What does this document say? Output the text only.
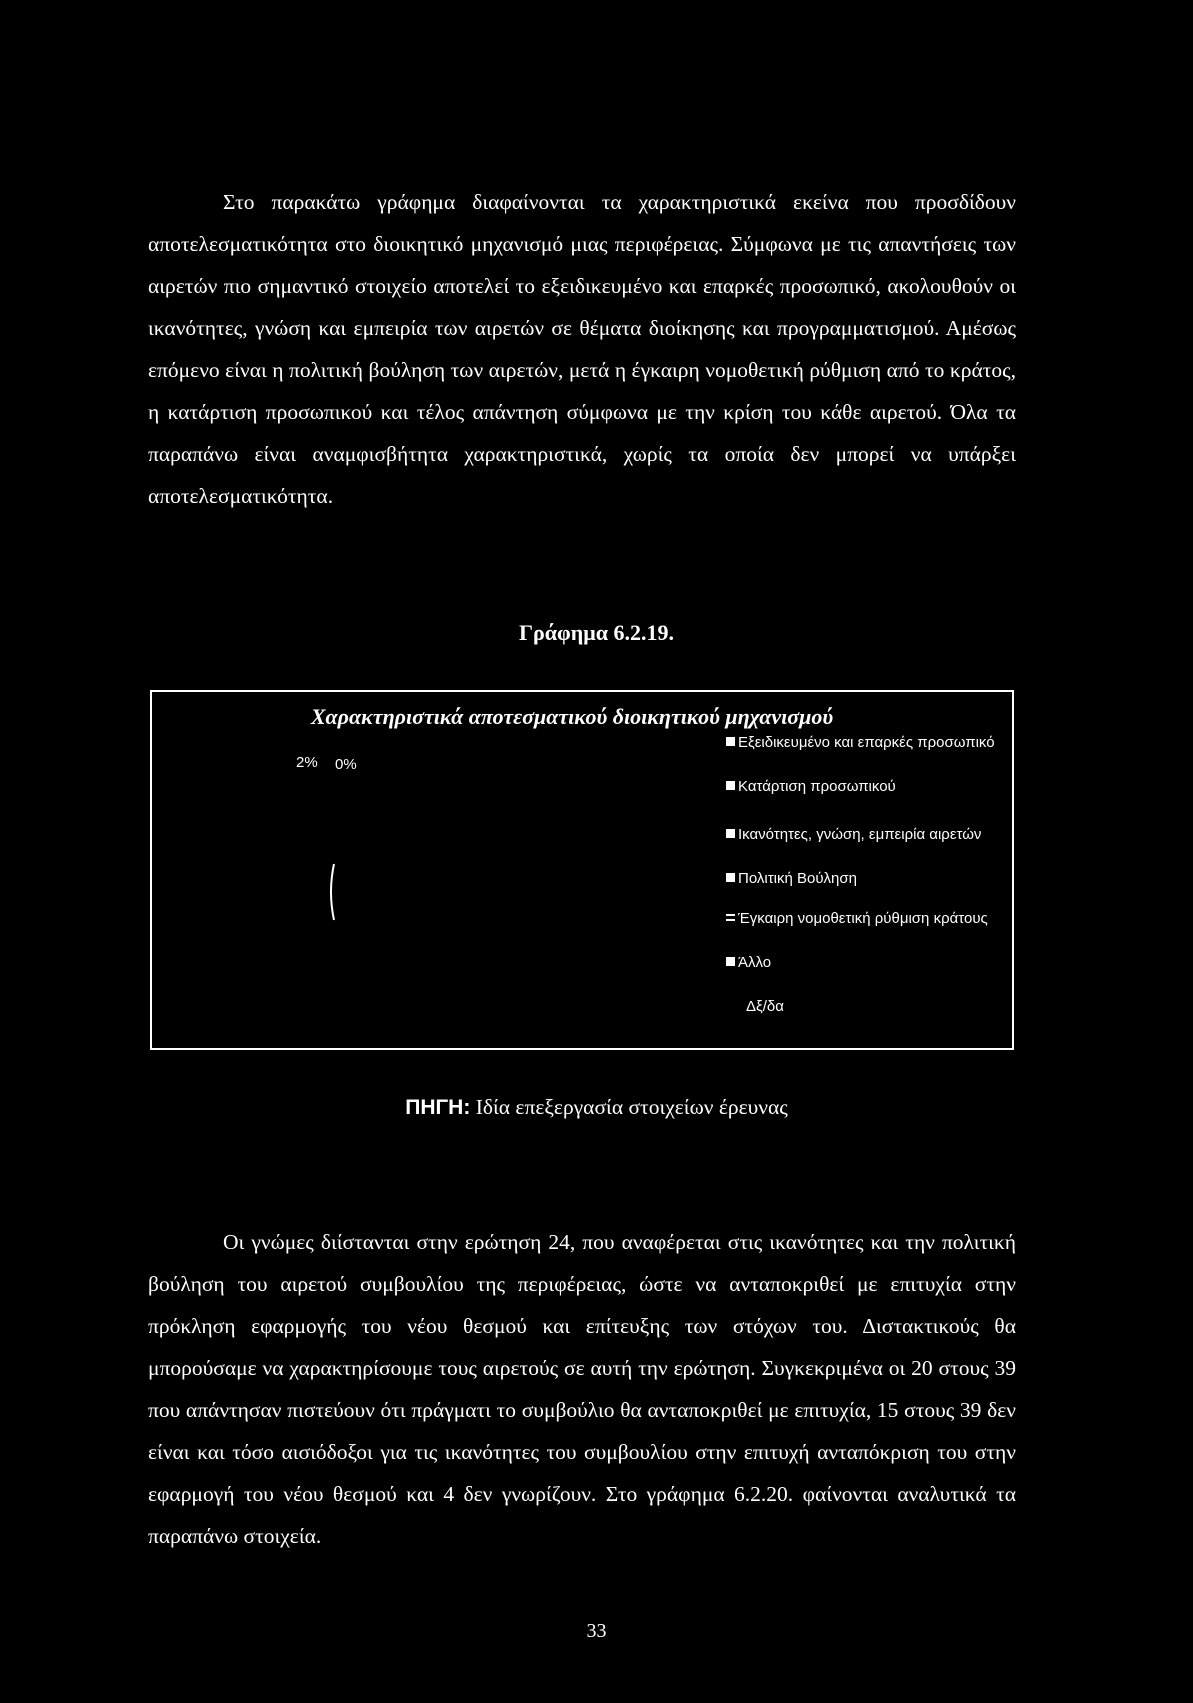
Στο παρακάτω γράφημα διαφαίνονται τα χαρακτηριστικά εκείνα που προσδίδουν αποτελεσματικότητα στο διοικητικό μηχανισμό μιας περιφέρειας. Σύμφωνα με τις απαντήσεις των αιρετών πιο σημαντικό στοιχείο αποτελεί το εξειδικευμένο και επαρκές προσωπικό, ακολουθούν οι ικανότητες, γνώση και εμπειρία των αιρετών σε θέματα διοίκησης και προγραμματισμού. Αμέσως επόμενο είναι η πολιτική βούληση των αιρετών, μετά η έγκαιρη νομοθετική ρύθμιση από το κράτος, η κατάρτιση προσωπικού και τέλος απάντηση σύμφωνα με την κρίση του κάθε αιρετού. Όλα τα παραπάνω είναι αναμφισβήτητα χαρακτηριστικά, χωρίς τα οποία δεν μπορεί να υπάρξει αποτελεσματικότητα.

Γράφημα 6.2.19.

Χαρακτηριστικά αποτεσματικού διοικητικού μηχανισμού
2% 0%
Εξειδικευμένο και επαρκές προσωπικό
Κατάρτιση προσωπικού
Ικανότητες, γνώση, εμπειρία αιρετών
Πολιτική Βούληση
Έγκαιρη νομοθετική ρύθμιση κράτους
Άλλο
Δξ/δα

ΠΗΓΗ: Ιδία επεξεργασία στοιχείων έρευνας

Οι γνώμες διίστανται στην ερώτηση 24, που αναφέρεται στις ικανότητες και την πολιτική βούληση του αιρετού συμβουλίου της περιφέρειας, ώστε να ανταποκριθεί με επιτυχία στην πρόκληση εφαρμογής του νέου θεσμού και επίτευξης των στόχων του. Διστακτικούς θα μπορούσαμε να χαρακτηρίσουμε τους αιρετούς σε αυτή την ερώτηση. Συγκεκριμένα οι 20 στους 39 που απάντησαν πιστεύουν ότι πράγματι το συμβούλιο θα ανταποκριθεί με επιτυχία, 15 στους 39 δεν είναι και τόσο αισιόδοξοι για τις ικανότητες του συμβουλίου στην επιτυχή ανταπόκριση του στην εφαρμογή του νέου θεσμού και 4 δεν γνωρίζουν. Στο γράφημα 6.2.20. φαίνονται αναλυτικά τα παραπάνω στοιχεία.

33
